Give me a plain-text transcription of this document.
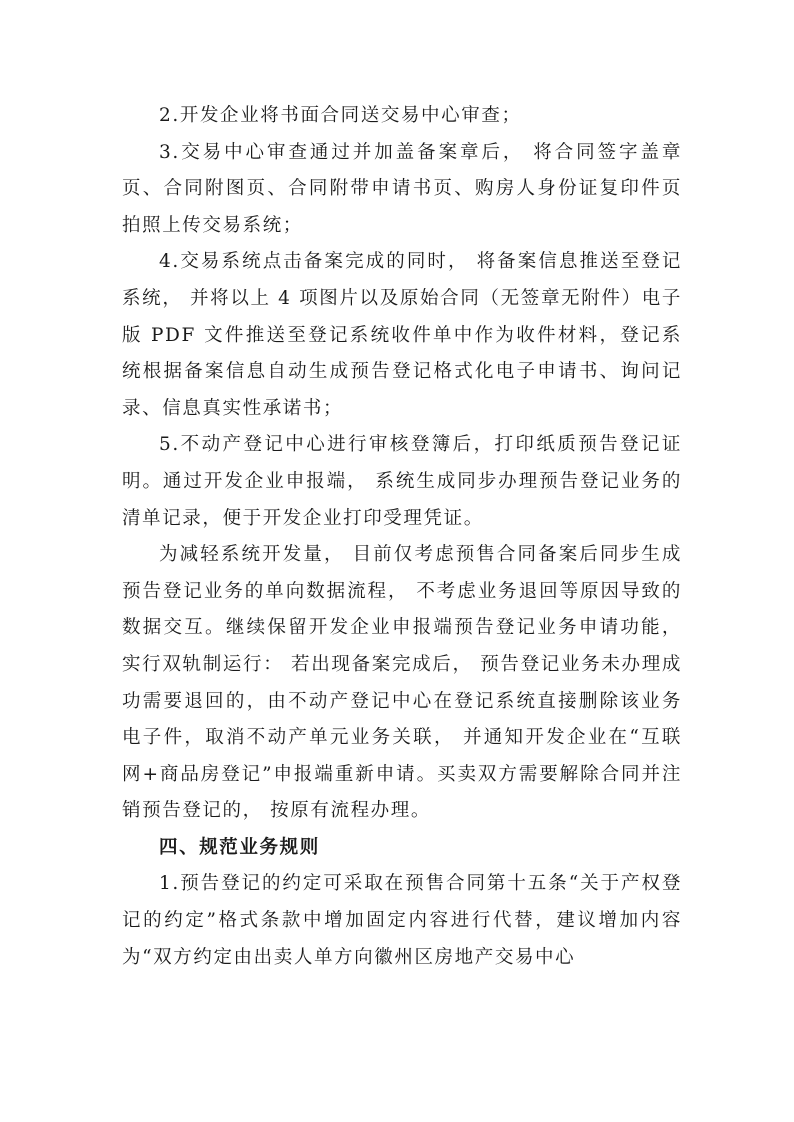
2.开发企业将书面合同送交易中心审查；

3.交易中心审查通过并加盖备案章后， 将合同签字盖章页、合同附图页、合同附带申请书页、购房人身份证复印件页拍照上传交易系统；

4.交易系统点击备案完成的同时， 将备案信息推送至登记系统， 并将以上 4 项图片以及原始合同（无签章无附件）电子版 PDF 文件推送至登记系统收件单中作为收件材料，登记系统根据备案信息自动生成预告登记格式化电子申请书、询问记录、信息真实性承诺书；

5.不动产登记中心进行审核登簿后，打印纸质预告登记证明。通过开发企业申报端， 系统生成同步办理预告登记业务的清单记录，便于开发企业打印受理凭证。

为减轻系统开发量， 目前仅考虑预售合同备案后同步生成预告登记业务的单向数据流程， 不考虑业务退回等原因导致的数据交互。继续保留开发企业申报端预告登记业务申请功能， 实行双轨制运行： 若出现备案完成后， 预告登记业务未办理成功需要退回的，由不动产登记中心在登记系统直接删除该业务电子件，取消不动产单元业务关联， 并通知开发企业在“互联网+商品房登记”申报端重新申请。买卖双方需要解除合同并注销预告登记的， 按原有流程办理。

四、规范业务规则

1.预告登记的约定可采取在预售合同第十五条“关于产权登记的约定”格式条款中增加固定内容进行代替，建议增加内容为“双方约定由出卖人单方向徽州区房地产交易中心
